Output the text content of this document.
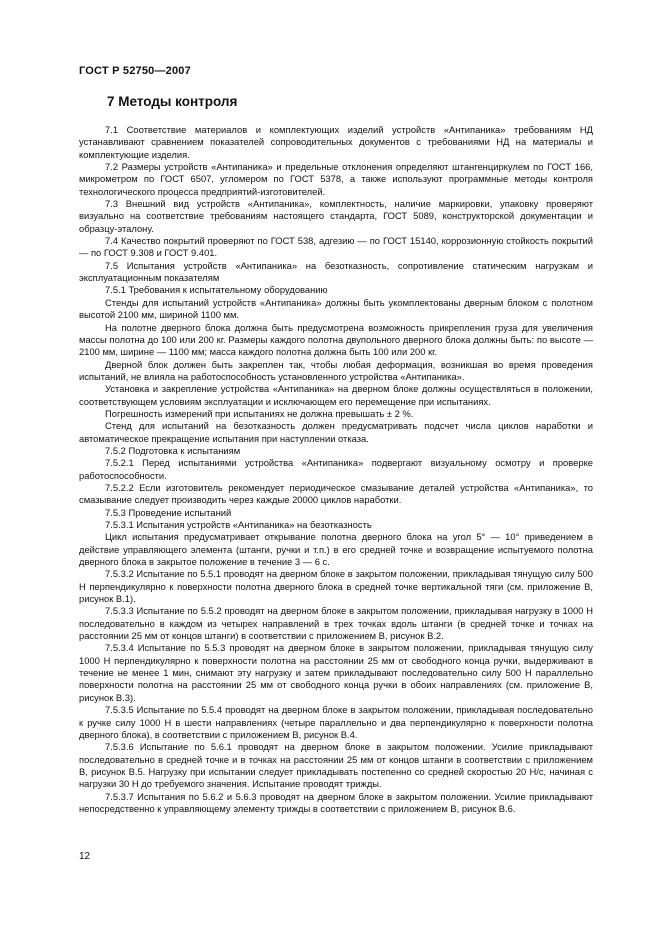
ГОСТ Р 52750—2007
7 Методы контроля

7.1 Соответствие материалов и комплектующих изделий устройств «Антипаника» требованиям НД устанавливают сравнением показателей сопроводительных документов с требованиями НД на материалы и комплектующие изделия.

7.2 Размеры устройств «Антипаника» и предельные отклонения определяют штангенциркулем по ГОСТ 166, микрометром по ГОСТ 6507, угломером по ГОСТ 5378, а также используют программные методы контроля технологического процесса предприятий-изготовителей.

7.3 Внешний вид устройств «Антипаника», комплектность, наличие маркировки, упаковку проверяют визуально на соответствие требованиям настоящего стандарта, ГОСТ 5089, конструкторской документации и образцу-эталону.

7.4 Качество покрытий проверяют по ГОСТ 538, адгезию — по ГОСТ 15140, коррозионную стойкость покрытий — по ГОСТ 9.308 и ГОСТ 9.401.

7.5 Испытания устройств «Антипаника» на безотказность, сопротивление статическим нагрузкам и эксплуатационным показателям

7.5.1 Требования к испытательному оборудованию

Стенды для испытаний устройств «Антипаника» должны быть укомплектованы дверным блоком с полотном высотой 2100 мм, шириной 1100 мм.

На полотне дверного блока должна быть предусмотрена возможность прикрепления груза для увеличения массы полотна до 100 или 200 кг. Размеры каждого полотна двупольного дверного блока должны быть: по высоте — 2100 мм, ширине — 1100 мм; масса каждого полотна должна быть 100 или 200 кг.

Дверной блок должен быть закреплен так, чтобы любая деформация, возникшая во время проведения испытаний, не влияла на работоспособность установленного устройства «Антипаника».

Установка и закрепление устройства «Антипаника» на дверном блоке должны осуществляться в положении, соответствующем условиям эксплуатации и исключающем его перемещение при испытаниях.

Погрешность измерений при испытаниях не должна превышать ± 2 %.

Стенд для испытаний на безотказность должен предусматривать подсчет числа циклов наработки и автоматическое прекращение испытания при наступлении отказа.

7.5.2 Подготовка к испытаниям

7.5.2.1 Перед испытаниями устройства «Антипаника» подвергают визуальному осмотру и проверке работоспособности.

7.5.2.2 Если изготовитель рекомендует периодическое смазывание деталей устройства «Антипаника», то смазывание следует производить через каждые 20000 циклов наработки.

7.5.3 Проведение испытаний

7.5.3.1 Испытания устройств «Антипаника» на безотказность

Цикл испытания предусматривает открывание полотна дверного блока на угол 5° — 10° приведением в действие управляющего элемента (штанги, ручки и т.п.) в его средней точке и возвращение испытуемого полотна дверного блока в закрытое положение в течение 3 — 6 с.

7.5.3.2 Испытание по 5.5.1 проводят на дверном блоке в закрытом положении, прикладывая тянущую силу 500 Н перпендикулярно к поверхности полотна дверного блока в средней точке вертикальной тяги (см. приложение В, рисунок В.1).

7.5.3.3 Испытание по 5.5.2 проводят на дверном блоке в закрытом положении, прикладывая нагрузку в 1000 Н последовательно в каждом из четырех направлений в трех точках вдоль штанги (в средней точке и точках на расстоянии 25 мм от концов штанги) в соответствии с приложением В, рисунок В.2.

7.5.3.4 Испытание по 5.5.3 проводят на дверном блоке в закрытом положении, прикладывая тянущую силу 1000 Н перпендикулярно к поверхности полотна на расстоянии 25 мм от свободного конца ручки, выдерживают в течение не менее 1 мин, снимают эту нагрузку и затем прикладывают последовательно силу 500 Н параллельно поверхности полотна на расстоянии 25 мм от свободного конца ручки в обоих направлениях (см. приложение В, рисунок В.3).

7.5.3.5 Испытание по 5.5.4 проводят на дверном блоке в закрытом положении, прикладывая последовательно к ручке силу 1000 Н в шести направлениях (четыре параллельно и два перпендикулярно к поверхности полотна дверного блока), в соответствии с приложением В, рисунок В.4.

7.5.3.6 Испытание по 5.6.1 проводят на дверном блоке в закрытом положении. Усилие прикладывают последовательно в средней точке и в точках на расстоянии 25 мм от концов штанги в соответствии с приложением В, рисунок В.5. Нагрузку при испытании следует прикладывать постепенно со средней скоростью 20 Н/с, начиная с нагрузки 30 Н до требуемого значения. Испытание проводят трижды.

7.5.3.7 Испытания по 5.6.2 и 5.6.3 проводят на дверном блоке в закрытом положении. Усилие прикладывают непосредственно к управляющему элементу трижды в соответствии с приложением В, рисунок В.6.

12
